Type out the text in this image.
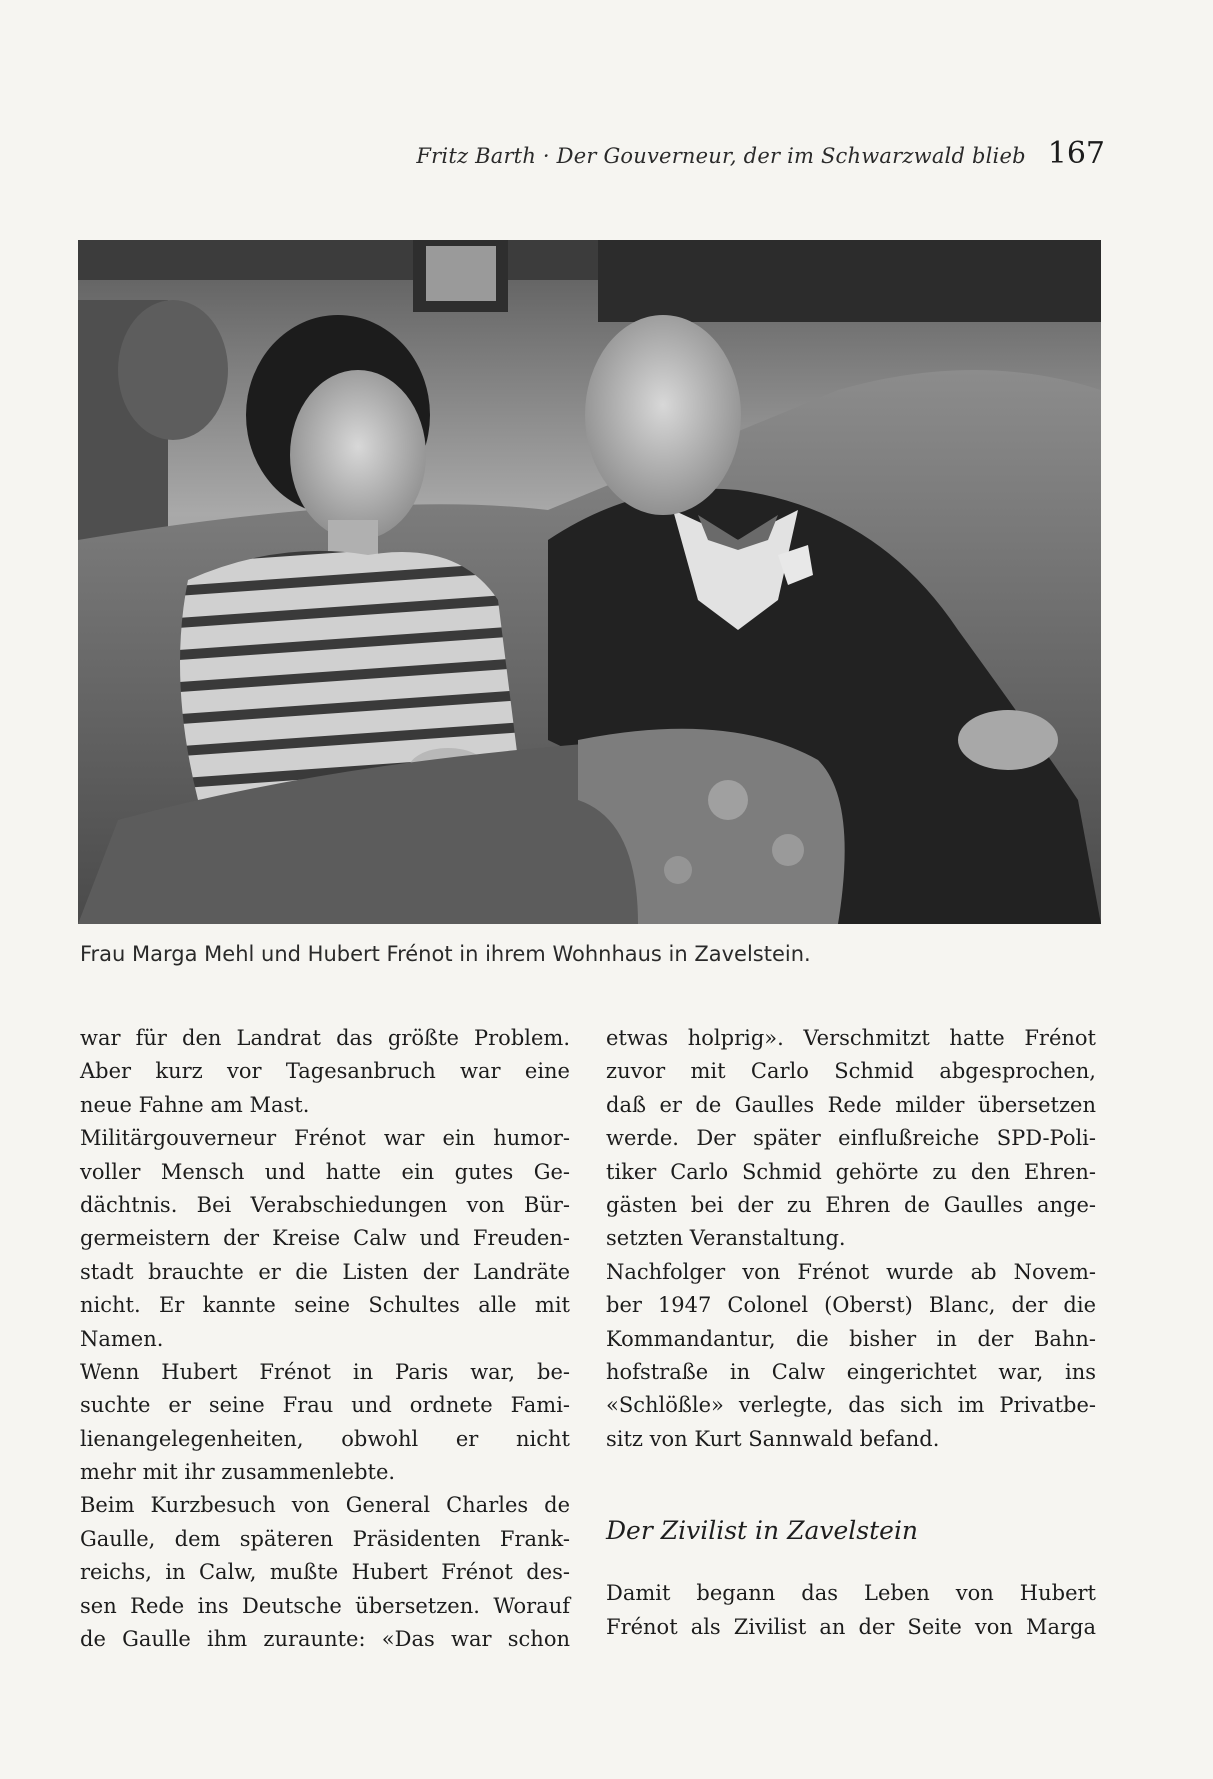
Fritz Barth · Der Gouverneur, der im Schwarzwald blieb 167
Frau Marga Mehl und Hubert Frénot in ihrem Wohnhaus in Zavelstein.
war für den Landrat das größte Problem.
Aber kurz vor Tagesanbruch war eine
neue Fahne am Mast.
Militärgouverneur Frénot war ein humor-
voller Mensch und hatte ein gutes Ge-
dächtnis. Bei Verabschiedungen von Bür-
germeistern der Kreise Calw und Freuden-
stadt brauchte er die Listen der Landräte
nicht. Er kannte seine Schultes alle mit
Namen.
Wenn Hubert Frénot in Paris war, be-
suchte er seine Frau und ordnete Fami-
lienangelegenheiten, obwohl er nicht
mehr mit ihr zusammenlebte.
Beim Kurzbesuch von General Charles de
Gaulle, dem späteren Präsidenten Frank-
reichs, in Calw, mußte Hubert Frénot des-
sen Rede ins Deutsche übersetzen. Worauf
de Gaulle ihm zuraunte: «Das war schon
etwas holprig». Verschmitzt hatte Frénot
zuvor mit Carlo Schmid abgesprochen,
daß er de Gaulles Rede milder übersetzen
werde. Der später einflußreiche SPD-Poli-
tiker Carlo Schmid gehörte zu den Ehren-
gästen bei der zu Ehren de Gaulles ange-
setzten Veranstaltung.
Nachfolger von Frénot wurde ab Novem-
ber 1947 Colonel (Oberst) Blanc, der die
Kommandantur, die bisher in der Bahn-
hofstraße in Calw eingerichtet war, ins
«Schlößle» verlegte, das sich im Privatbe-
sitz von Kurt Sannwald befand.
Der Zivilist in Zavelstein
Damit begann das Leben von Hubert
Frénot als Zivilist an der Seite von Marga
